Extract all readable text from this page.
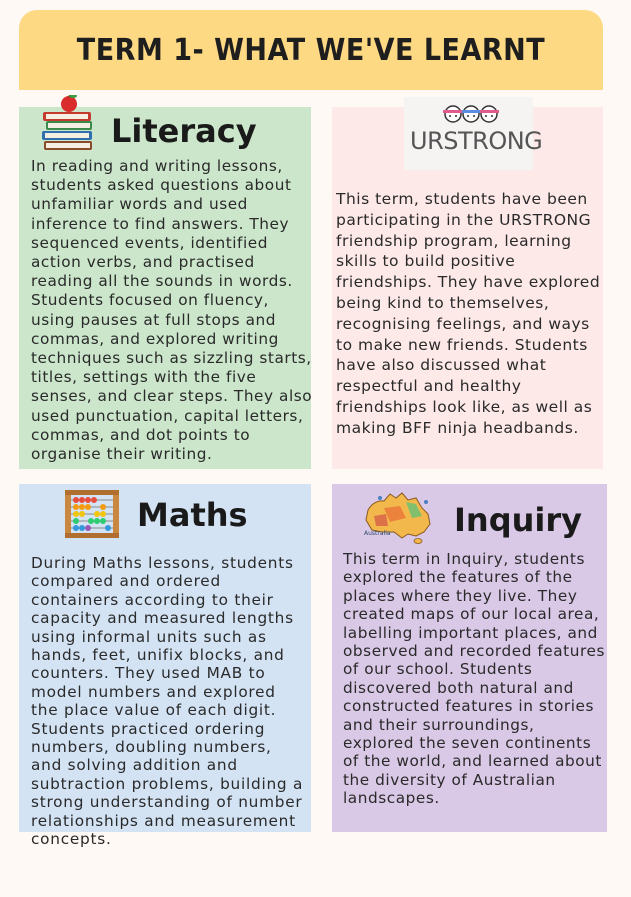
TERM 1- WHAT WE'VE LEARNT
Literacy

In reading and writing lessons, students asked questions about unfamiliar words and used inference to find answers. They sequenced events, identified action verbs, and practised reading all the sounds in words. Students focused on fluency, using pauses at full stops and commas, and explored writing techniques such as sizzling starts, titles, settings with the five senses, and clear steps. They also used punctuation, capital letters, commas, and dot points to organise their writing.

URSTRONG

This term, students have been participating in the URSTRONG friendship program, learning skills to build positive friendships. They have explored being kind to themselves, recognising feelings, and ways to make new friends. Students have also discussed what respectful and healthy friendships look like, as well as making BFF ninja headbands.

Maths

During Maths lessons, students compared and ordered containers according to their capacity and measured lengths using informal units such as hands, feet, unifix blocks, and counters. They used MAB to model numbers and explored the place value of each digit. Students practiced ordering numbers, doubling numbers, and solving addition and subtraction problems, building a strong understanding of number relationships and measurement concepts.

Australia Inquiry

This term in Inquiry, students explored the features of the places where they live. They created maps of our local area, labelling important places, and observed and recorded features of our school. Students discovered both natural and constructed features in stories and their surroundings, explored the seven continents of the world, and learned about the diversity of Australian landscapes.
